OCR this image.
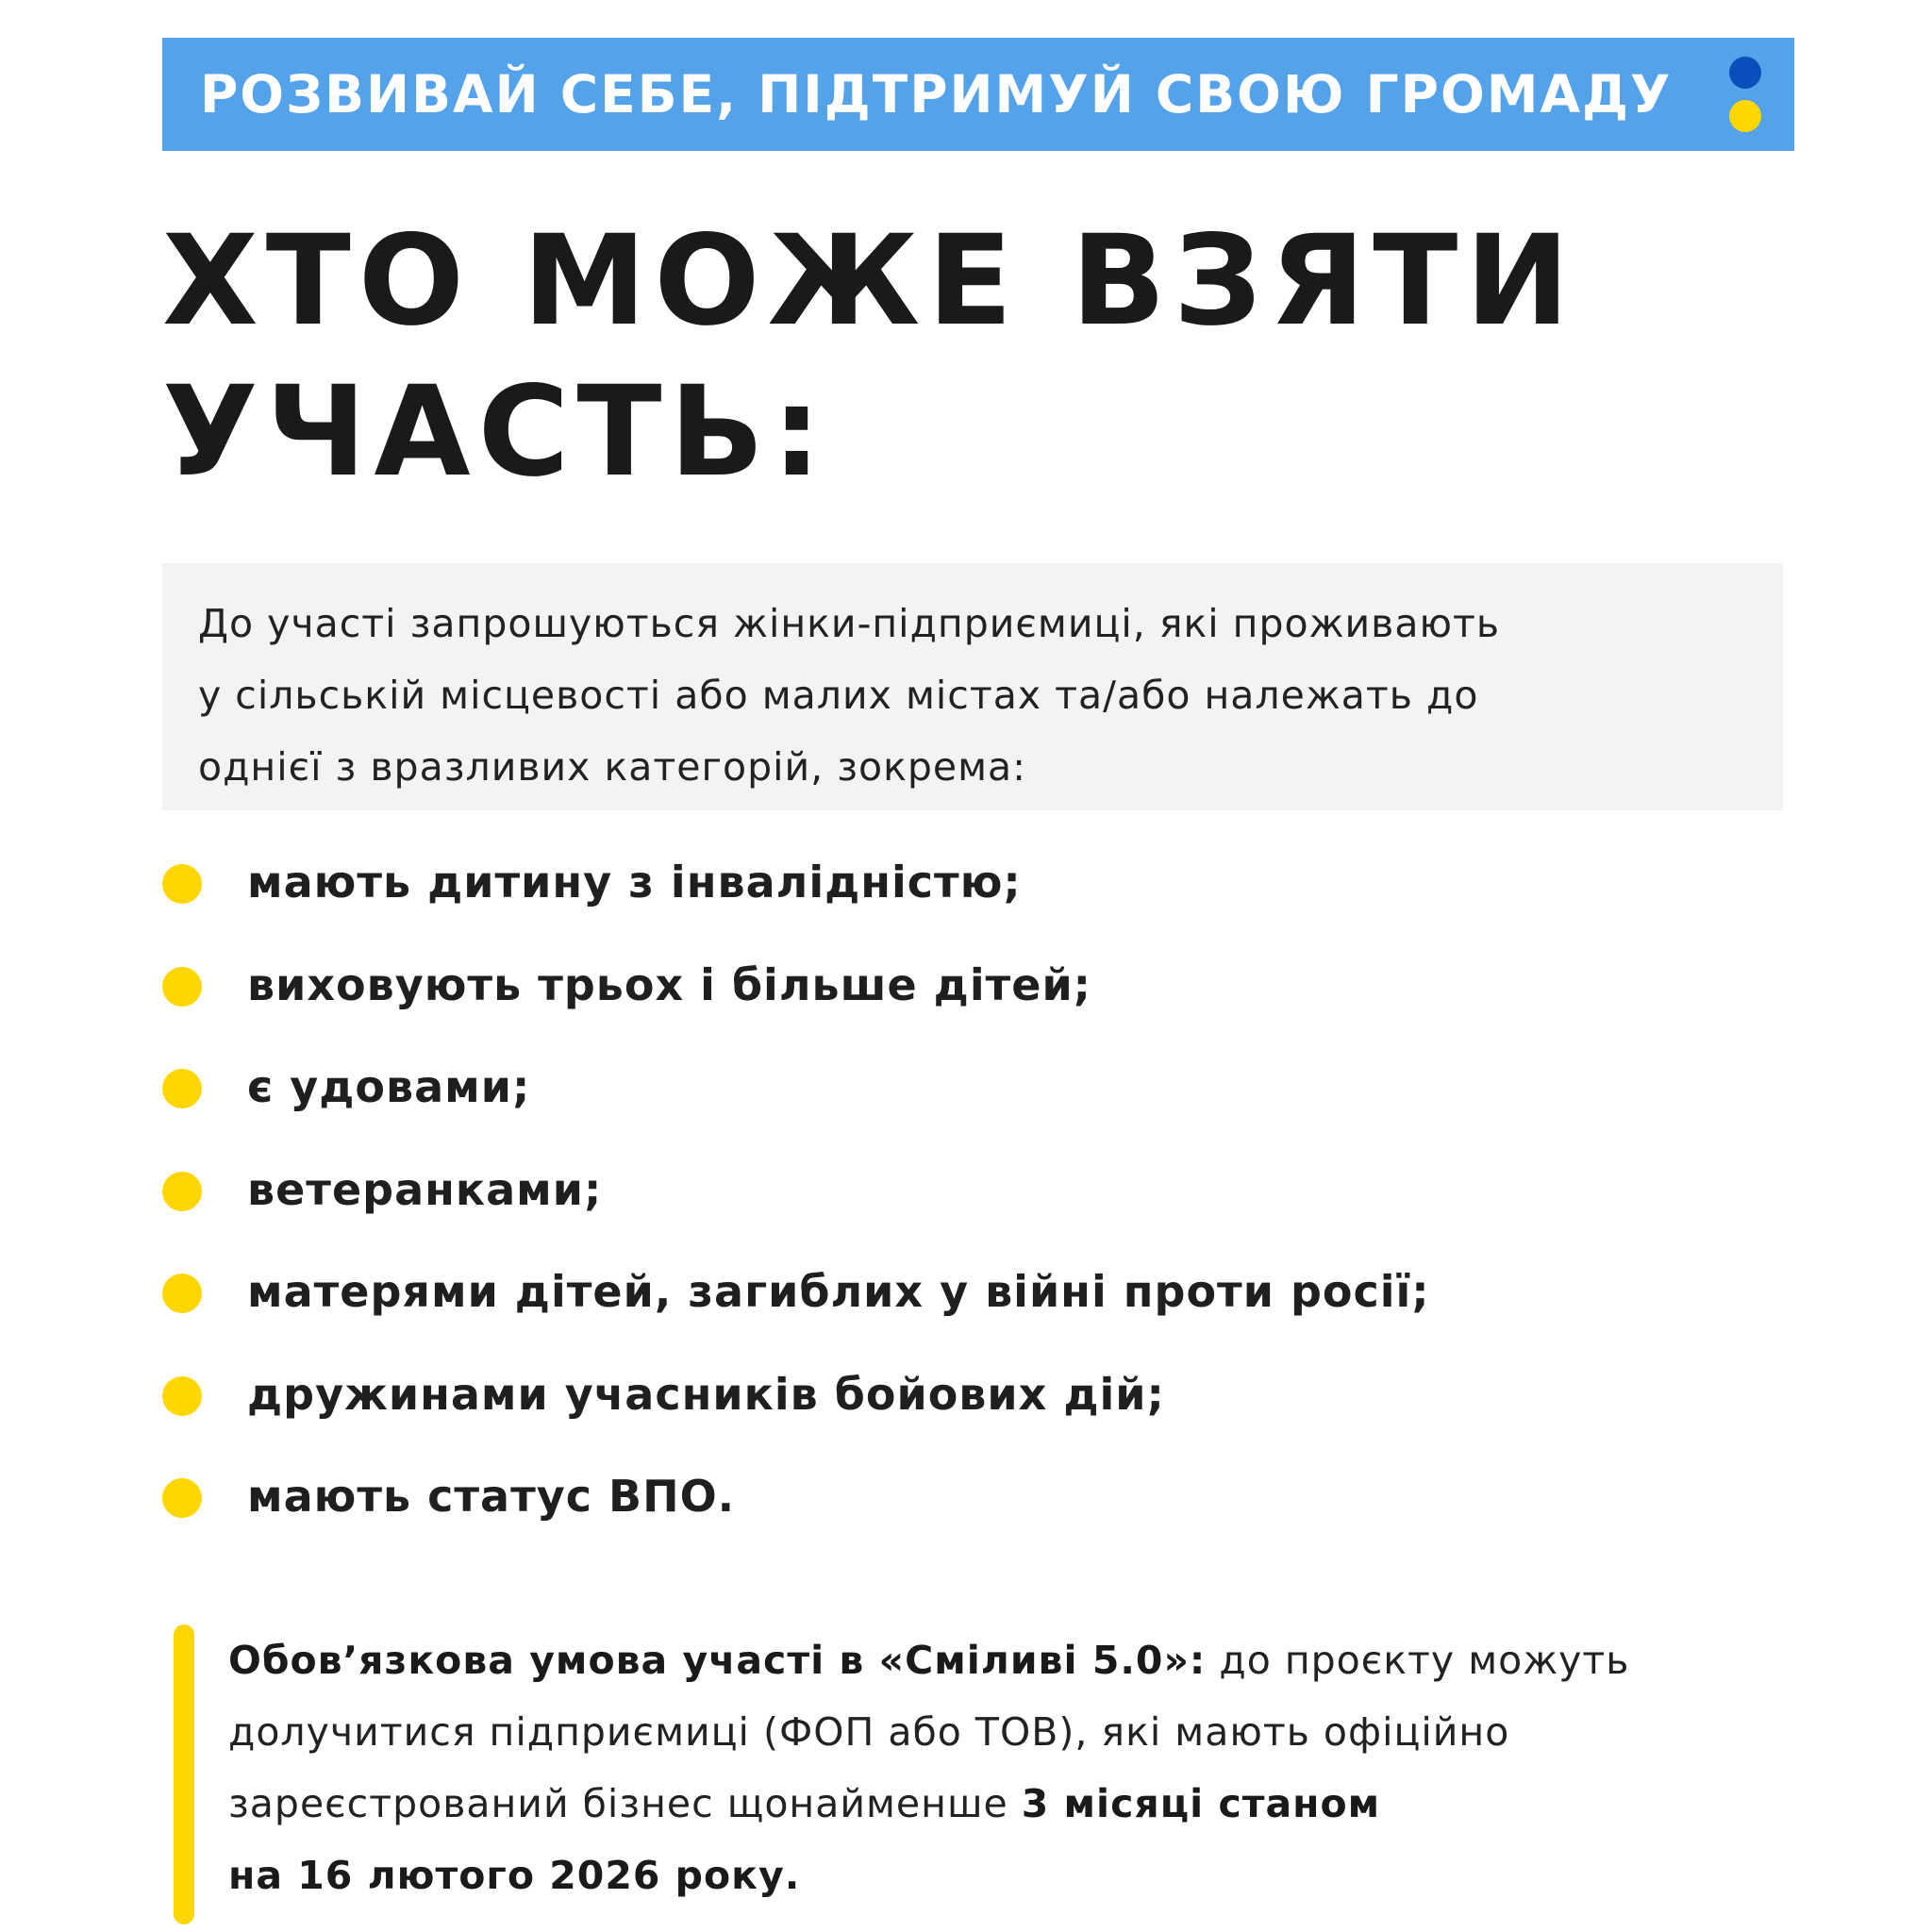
РОЗВИВАЙ СЕБЕ, ПІДТРИМУЙ СВОЮ ГРОМАДУ
ХТО МОЖЕ ВЗЯТИ
УЧАСТЬ:

До участі запрошуються жінки-підприємиці, які проживають
у сільській місцевості або малих містах та/або належать до
однієї з вразливих категорій, зокрема:

мають дитину з інвалідністю;
виховують трьох і більше дітей;
є удовами;
ветеранками;
матерями дітей, загиблих у війні проти росії;
дружинами учасників бойових дій;
мають статус ВПО.

Обов’язкова умова участі в «Сміливі 5.0»: до проєкту можуть
долучитися підприємиці (ФОП або ТОВ), які мають офіційно
зареєстрований бізнес щонайменше 3 місяці станом
на 16 лютого 2026 року.
